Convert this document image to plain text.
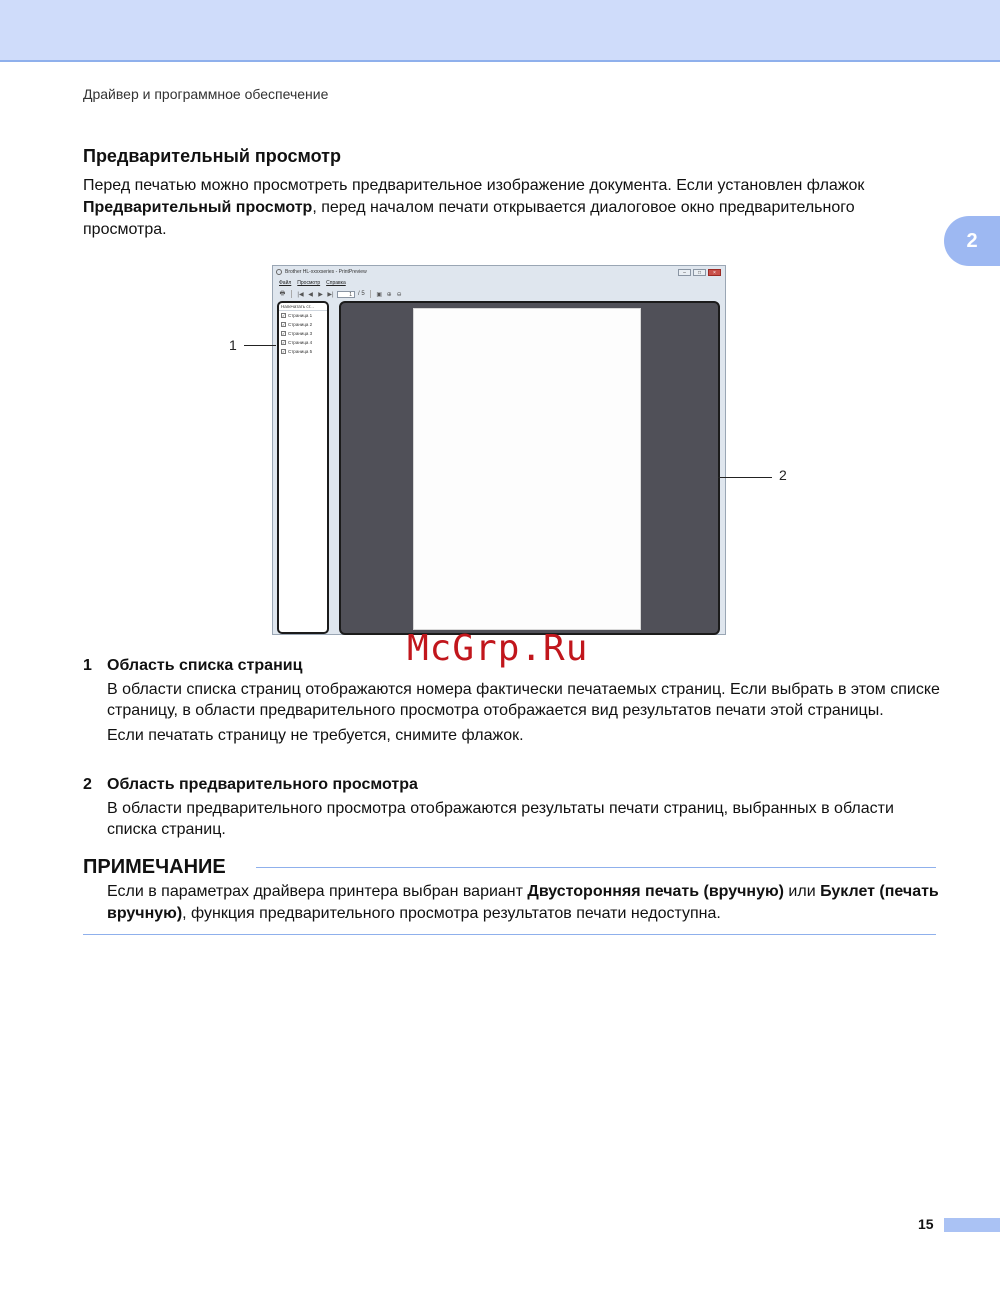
Драйвер и программное обеспечение
2
Предварительный просмотр

Перед печатью можно просмотреть предварительное изображение документа. Если установлен флажок Предварительный просмотр, перед началом печати открывается диалоговое окно предварительного просмотра.

Brother HL-xxxxseries - PrintPreview	–	□	×
Файл Просмотр Справка
🖶 |◀ ◀ ▶ ▶|	1	/ 5 ▣ ⊕ ⊖
Напечатать ст...
✓ Страница 1
✓ Страница 2
✓ Страница 3
✓ Страница 4
✓ Страница 5
1
2
McGrp.Ru
1 Область списка страниц

В области списка страниц отображаются номера фактически печатаемых страниц. Если выбрать в этом списке страницу, в области предварительного просмотра отображается вид результатов печати этой страницы.

Если печатать страницу не требуется, снимите флажок.

2 Область предварительного просмотра

В области предварительного просмотра отображаются результаты печати страниц, выбранных в области списка страниц.

ПРИМЕЧАНИЕ

Если в параметрах драйвера принтера выбран вариант Двусторонняя печать (вручную) или Буклет (печать вручную), функция предварительного просмотра результатов печати недоступна.

15
